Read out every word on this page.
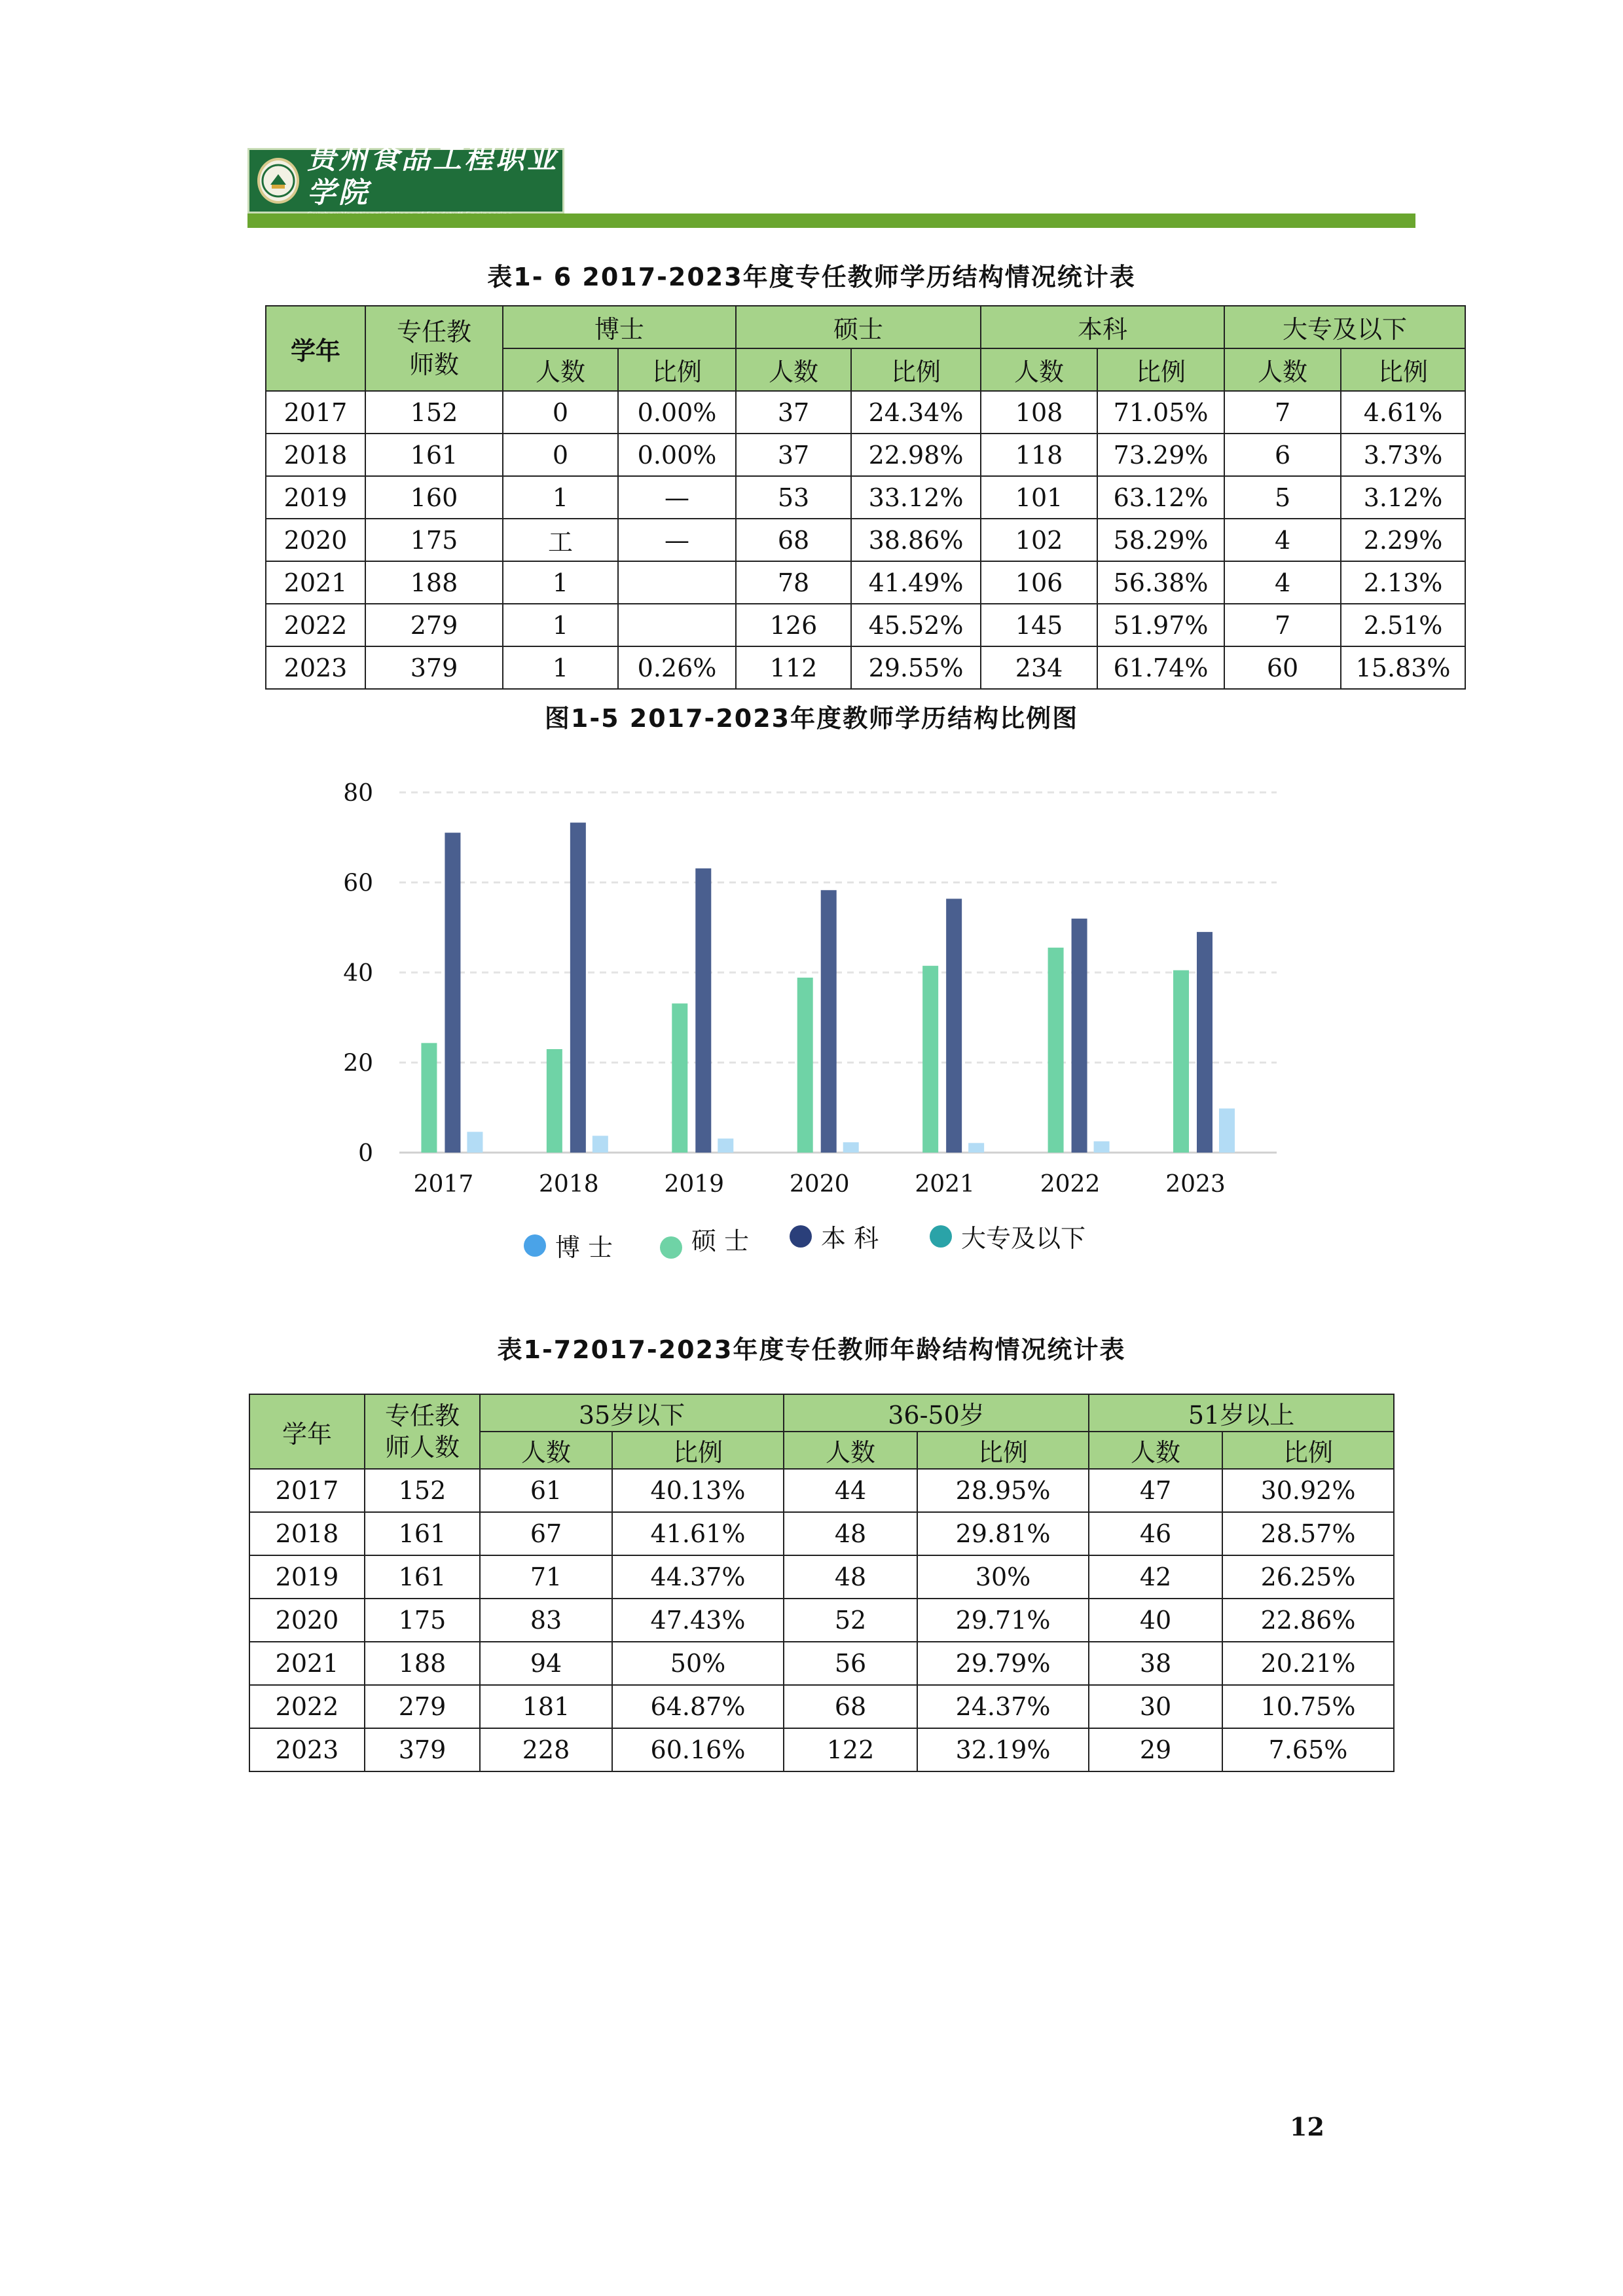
贵州食品工程职业学院
表1- 6 2017-2023年度专任教师学历结构情况统计表
学年	专任教师数	博士		硕士		本科		大专及以下	
		人数	比例	人数	比例	人数	比例	人数	比例
2017	152	0	0.00%	37	24.34%	108	71.05%	7	4.61%
2018	161	0	0.00%	37	22.98%	118	73.29%	6	3.73%
2019	160	1	—	53	33.12%	101	63.12%	5	3.12%
2020	175	工	—	68	38.86%	102	58.29%	4	2.29%
2021	188	1		78	41.49%	106	56.38%	4	2.13%
2022	279	1		126	45.52%	145	51.97%	7	2.51%
2023	379	1	0.26%	112	29.55%	234	61.74%	60	15.83%
图1-5 2017-2023年度教师学历结构比例图
0
20
40
60
80
2017	2018	2019	2020	2021	2022	2023
博 士	硕 士	本 科	大专及以下
表1-72017-2023年度专任教师年龄结构情况统计表
学年	专任教师人数	35岁以下		36-50岁		51岁以上	
		人数	比例	人数	比例	人数	比例
2017	152	61	40.13%	44	28.95%	47	30.92%
2018	161	67	41.61%	48	29.81%	46	28.57%
2019	161	71	44.37%	48	30%	42	26.25%
2020	175	83	47.43%	52	29.71%	40	22.86%
2021	188	94	50%	56	29.79%	38	20.21%
2022	279	181	64.87%	68	24.37%	30	10.75%
2023	379	228	60.16%	122	32.19%	29	7.65%
12
